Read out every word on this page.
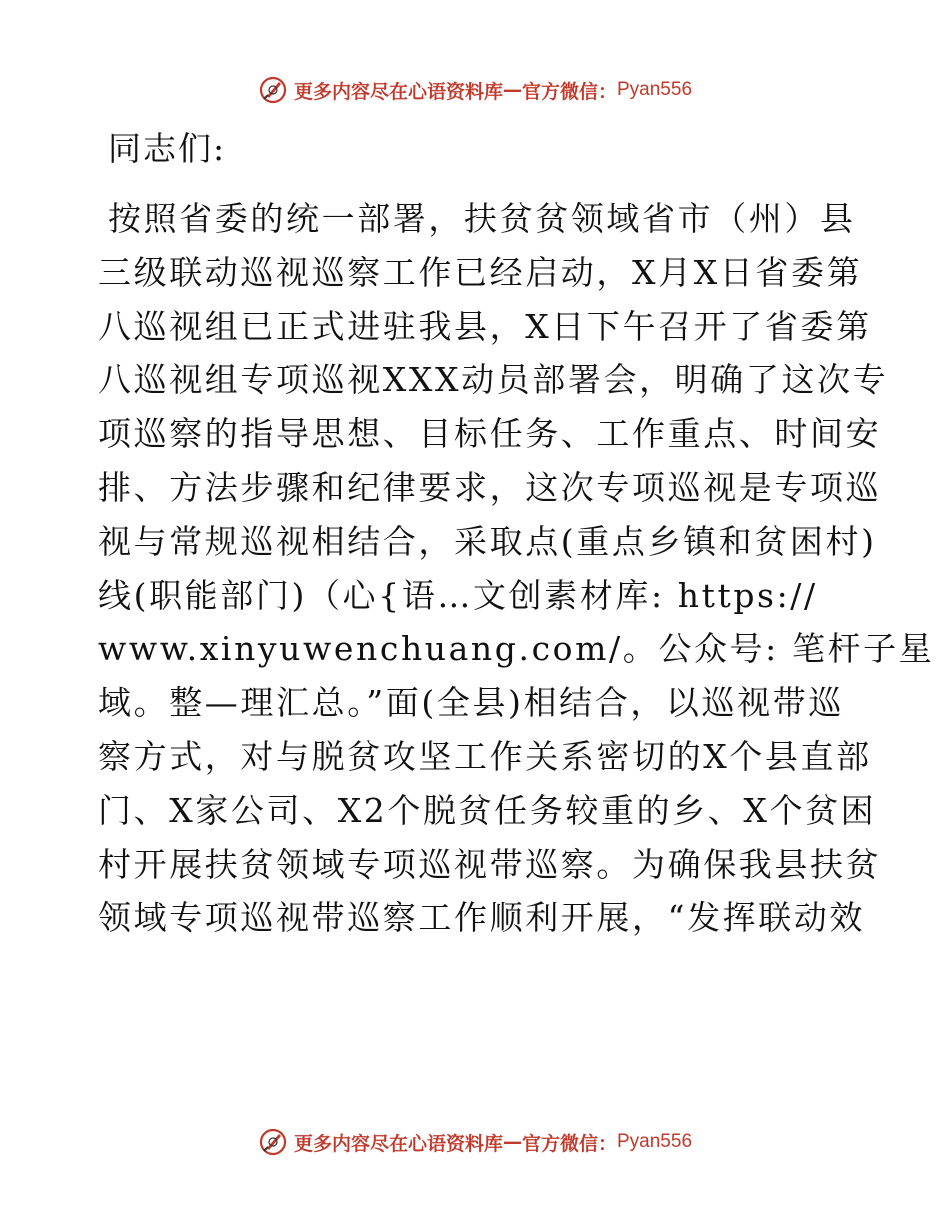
更多内容尽在心语资料库 — 官方微信： Pyan556

同志们:

按照省委的统一部署，扶贫贫领域省市（州）县
三级联动巡视巡察工作已经启动，X月X日省委第
八巡视组已正式进驻我县，X日下午召开了省委第
八巡视组专项巡视XXX动员部署会，明确了这次专
项巡察的指导思想、目标任务、工作重点、时间安
排、方法步骤和纪律要求，这次专项巡视是专项巡
视与常规巡视相结合，采取点(重点乡镇和贫困村)
线(职能部门)（心{语…文创素材库: https://
www.xinyuwenchuang.com/。公众号: 笔杆子星
域。整—理汇总。”面(全县)相结合，以巡视带巡
察方式，对与脱贫攻坚工作关系密切的X个县直部
门、X家公司、X2个脱贫任务较重的乡、X个贫困
村开展扶贫领域专项巡视带巡察。为确保我县扶贫
领域专项巡视带巡察工作顺利开展，“发挥联动效
更多内容尽在心语资料库 — 官方微信： Pyan556
